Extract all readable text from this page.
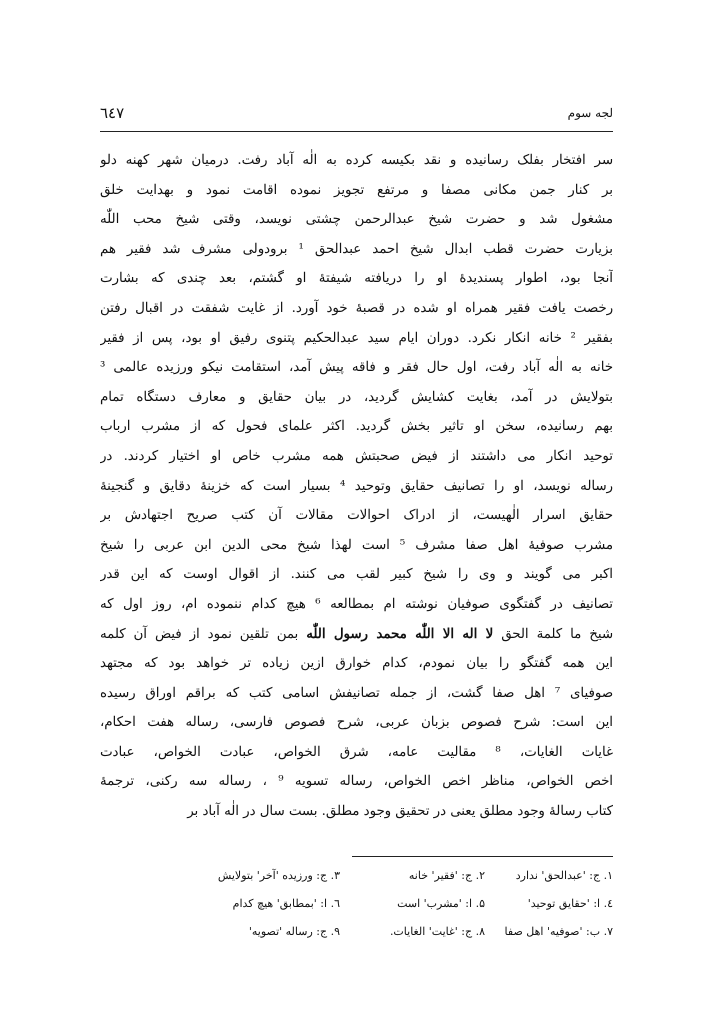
٦٤٧	لجه سوم
سر افتخار بفلک رسانیده و نقد بکیسه کرده به الٰه آباد رفت. درمیان شهر کهنه دلو
بر کنار جمن مکانی مصفا و مرتفع تجویز نموده اقامت نمود و بهدایت خلق
مشغول شد و حضرت شیخ عبدالرحمن چشتی نویسد، وقتی شیخ محب اللّٰه
بزیارت حضرت قطب ابدال شیخ احمد عبدالحق ¹ برودولی مشرف شد فقیر هم
آنجا بود، اطوار پسندیدۀ او را دریافته شیفتۀ او گشتم، بعد چندی که بشارت
رخصت یافت فقیر همراه او شده در قصبۀ خود آورد. از غایت شفقت در اقبال رفتن
بفقیر ² خانه انکار نکرد. دوران ایام سید عبدالحکیم پتنوی رفیق او بود، پس از فقیر
خانه به الٰه آباد رفت، اول حال فقر و فاقه پیش آمد، استقامت نیکو ورزیده عالمی ³
بتولایش در آمد، بغایت کشایش گردید، در بیان حقایق و معارف دستگاه تمام
بهم رسانیده، سخن او تاثیر بخش گردید. اکثر علمای فحول که از مشرب ارباب
توحید انکار می داشتند از فیض صحبتش همه مشرب خاص او اختیار کردند. در
رساله نویسد، او را تصانیف حقایق وتوحید ⁴ بسیار است که خزینۀ دقایق و گنجینۀ
حقایق اسرار الٰهیست، از ادراک احوالات مقالات آن کتب صریح اجتهادش بر
مشرب صوفیۀ اهل صفا مشرف ⁵ است لهذا شیخ محی الدین ابن عربی را شیخ
اکبر می گویند و وی را شیخ کبیر لقب می کنند. از اقوال اوست که این قدر
تصانیف در گفتگوی صوفیان نوشته ام بمطالعه ⁶ هیچ کدام ننموده ام، روز اول که
شیخ ما کلمة الحق لا اله الا اللّٰه محمد رسول اللّٰه بمن تلقین نمود از فیض آن کلمه
این همه گفتگو را بیان نمودم، کدام خوارق ازین زیاده تر خواهد بود که مجتهد
صوفیای ⁷ اهل صفا گشت، از جمله تصانیفش اسامی کتب که براقم اوراق رسیده
این است: شرح فصوص بزبان عربی، شرح فصوص فارسی، رساله هفت احکام،
غایات الغایات، ⁸ مقالیت عامه، شرق الخواص، عبادت الخواص، عبادت
اخص الخواص، مناظر اخص الخواص، رساله تسویه ⁹ ، رساله سه رکنی، ترجمۀ
کتاب رسالۀ وجود مطلق یعنی در تحقیق وجود مطلق. بست سال در الٰه آباد بر
۱. ج: 'عبدالحق' ندارد
۲. ج: 'فقیر' خانه
۳. ج: ورزیده 'آخر' بتولایش
٤. ا: 'حقایق توحید'
۵. ا: 'مشرب' است
٦. ا: 'بمطابق' هیچ کدام
۷. ب: 'صوفیه' اهل صفا
۸. ج: 'غایت' الغایات.
۹. ج: رساله 'تصویه'
